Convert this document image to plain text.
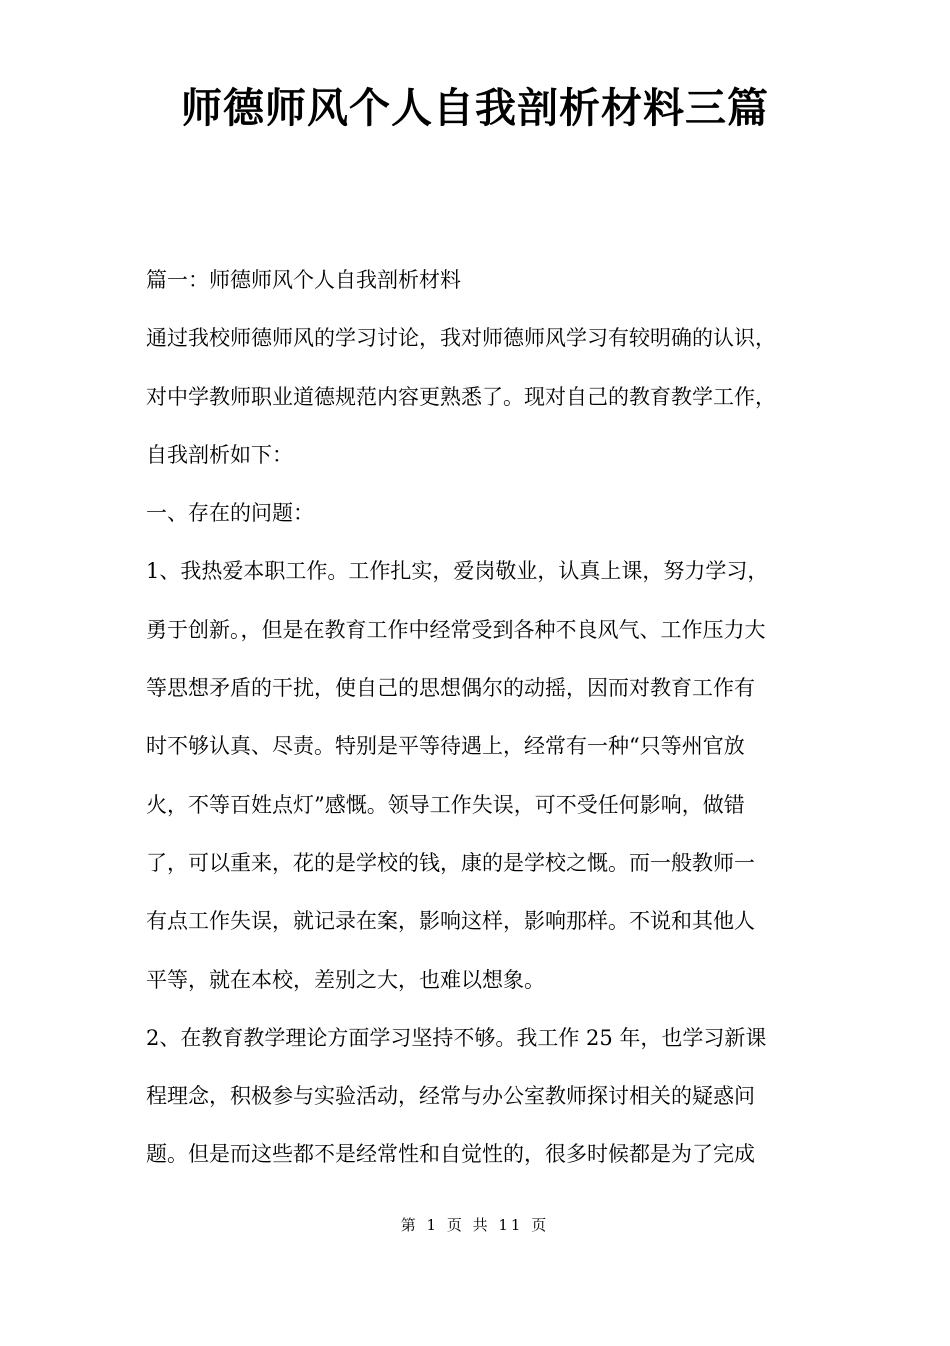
师德师风个人自我剖析材料三篇
篇一：师德师风个人自我剖析材料
通过我校师德师风的学习讨论，我对师德师风学习有较明确的认识，
对中学教师职业道德规范内容更熟悉了。现对自己的教育教学工作，
自我剖析如下：
一、存在的问题：
1、我热爱本职工作。工作扎实，爱岗敬业，认真上课，努力学习，
勇于创新。，但是在教育工作中经常受到各种不良风气、工作压力大
等思想矛盾的干扰，使自己的思想偶尔的动摇，因而对教育工作有
时不够认真、尽责。特别是平等待遇上，经常有一种“只等州官放
火，不等百姓点灯”感慨。领导工作失误，可不受任何影响，做错
了，可以重来，花的是学校的钱，康的是学校之慨。而一般教师一
有点工作失误，就记录在案，影响这样，影响那样。不说和其他人
平等，就在本校，差别之大，也难以想象。
2、在教育教学理论方面学习坚持不够。我工作 25 年，也学习新课
程理念，积极参与实验活动，经常与办公室教师探讨相关的疑惑问
题。但是而这些都不是经常性和自觉性的，很多时候都是为了完成
第 1 页 共 11 页
